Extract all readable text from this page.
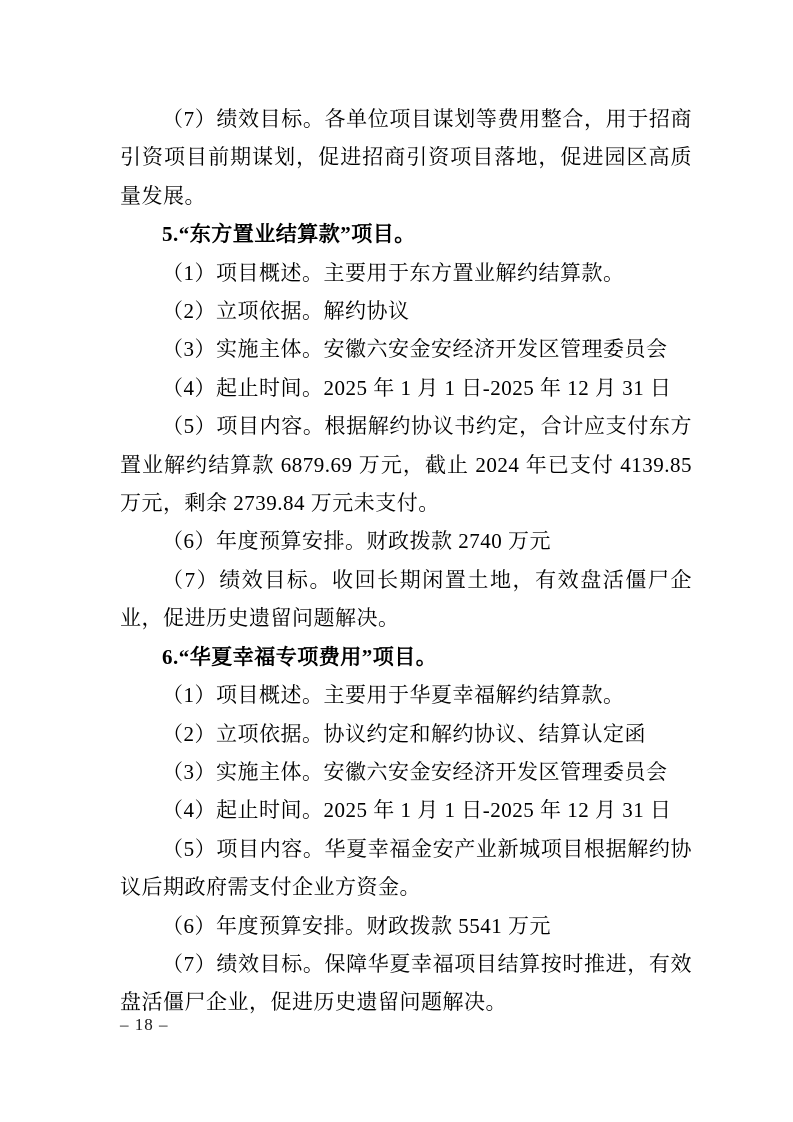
（7）绩效目标。各单位项目谋划等费用整合，用于招商引资项目前期谋划，促进招商引资项目落地，促进园区高质量发展。

5.“东方置业结算款”项目。

（1）项目概述。主要用于东方置业解约结算款。

（2）立项依据。解约协议

（3）实施主体。安徽六安金安经济开发区管理委员会

（4）起止时间。2025 年 1 月 1 日-2025 年 12 月 31 日

（5）项目内容。根据解约协议书约定，合计应支付东方置业解约结算款 6879.69 万元，截止 2024 年已支付 4139.85 万元，剩余 2739.84 万元未支付。

（6）年度预算安排。财政拨款 2740 万元

（7）绩效目标。收回长期闲置土地，有效盘活僵尸企业，促进历史遗留问题解决。

6.“华夏幸福专项费用”项目。

（1）项目概述。主要用于华夏幸福解约结算款。

（2）立项依据。协议约定和解约协议、结算认定函

（3）实施主体。安徽六安金安经济开发区管理委员会

（4）起止时间。2025 年 1 月 1 日-2025 年 12 月 31 日

（5）项目内容。华夏幸福金安产业新城项目根据解约协议后期政府需支付企业方资金。

（6）年度预算安排。财政拨款 5541 万元

（7）绩效目标。保障华夏幸福项目结算按时推进，有效盘活僵尸企业，促进历史遗留问题解决。

– 18 –
